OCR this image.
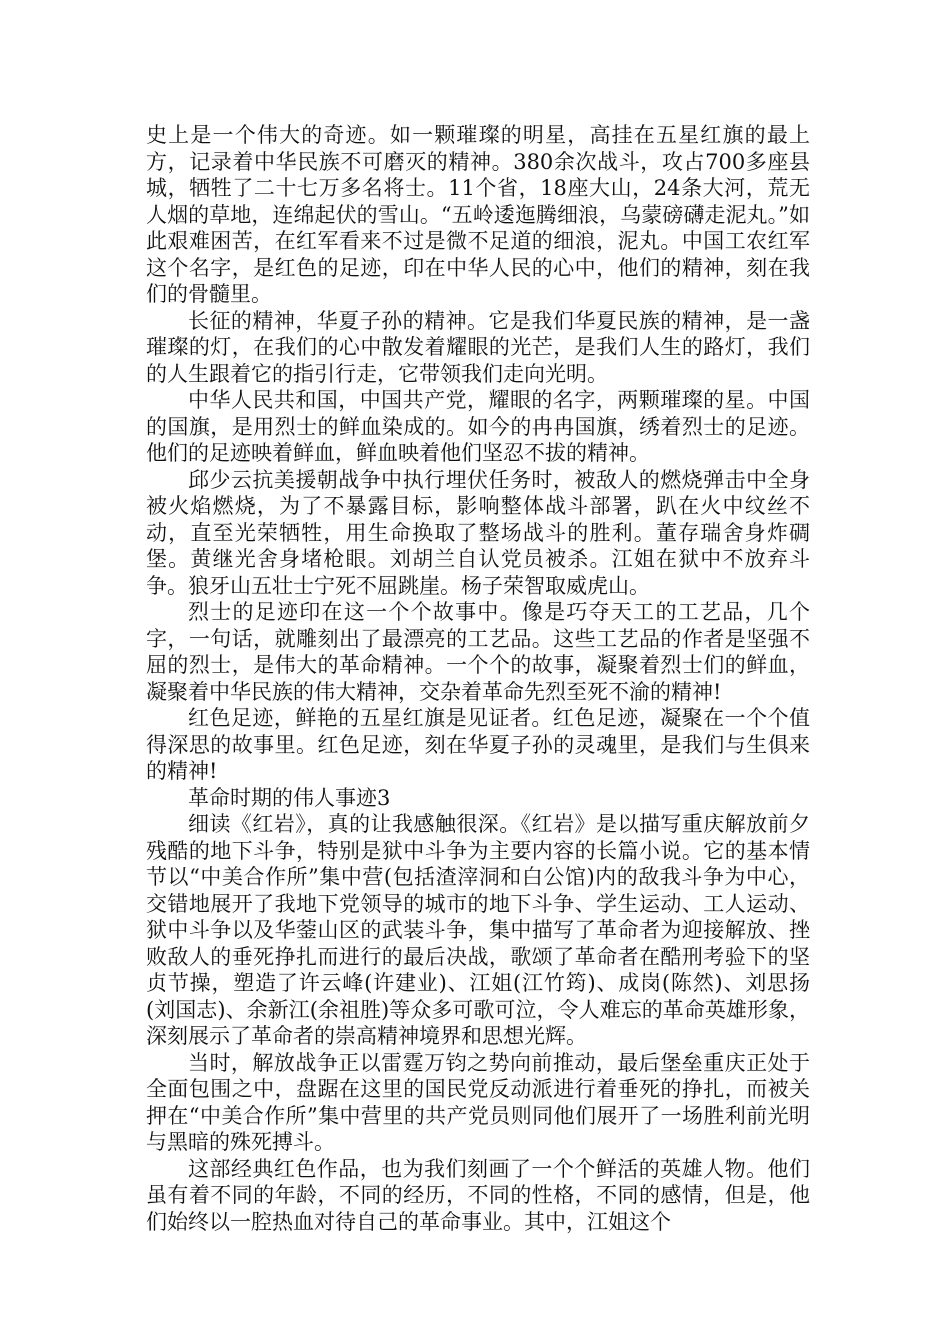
史上是一个伟大的奇迹。如一颗璀璨的明星，高挂在五星红旗的最上方，记录着中华民族不可磨灭的精神。380余次战斗，攻占700多座县城，牺牲了二十七万多名将士。11个省，18座大山，24条大河，荒无人烟的草地，连绵起伏的雪山。“五岭逶迤腾细浪，乌蒙磅礴走泥丸。”如此艰难困苦，在红军看来不过是微不足道的细浪，泥丸。中国工农红军这个名字，是红色的足迹，印在中华人民的心中，他们的精神，刻在我们的骨髓里。

长征的精神，华夏子孙的精神。它是我们华夏民族的精神，是一盏璀璨的灯，在我们的心中散发着耀眼的光芒，是我们人生的路灯，我们的人生跟着它的指引行走，它带领我们走向光明。

中华人民共和国，中国共产党，耀眼的名字，两颗璀璨的星。中国的国旗，是用烈士的鲜血染成的。如今的冉冉国旗，绣着烈士的足迹。他们的足迹映着鲜血，鲜血映着他们坚忍不拔的精神。

邱少云抗美援朝战争中执行埋伏任务时，被敌人的燃烧弹击中全身被火焰燃烧，为了不暴露目标，影响整体战斗部署，趴在火中纹丝不动，直至光荣牺牲，用生命换取了整场战斗的胜利。董存瑞舍身炸碉堡。黄继光舍身堵枪眼。刘胡兰自认党员被杀。江姐在狱中不放弃斗争。狼牙山五壮士宁死不屈跳崖。杨子荣智取威虎山。

烈士的足迹印在这一个个故事中。像是巧夺天工的工艺品，几个字，一句话，就雕刻出了最漂亮的工艺品。这些工艺品的作者是坚强不屈的烈士，是伟大的革命精神。一个个的故事，凝聚着烈士们的鲜血，凝聚着中华民族的伟大精神，交杂着革命先烈至死不渝的精神!

红色足迹，鲜艳的五星红旗是见证者。红色足迹，凝聚在一个个值得深思的故事里。红色足迹，刻在华夏子孙的灵魂里，是我们与生俱来的精神!

革命时期的伟人事迹3

细读《红岩》，真的让我感触很深。《红岩》是以描写重庆解放前夕残酷的地下斗争，特别是狱中斗争为主要内容的长篇小说。它的基本情节以“中美合作所”集中营(包括渣滓洞和白公馆)内的敌我斗争为中心，交错地展开了我地下党领导的城市的地下斗争、学生运动、工人运动、狱中斗争以及华蓥山区的武装斗争，集中描写了革命者为迎接解放、挫败敌人的垂死挣扎而进行的最后决战，歌颂了革命者在酷刑考验下的坚贞节操，塑造了许云峰(许建业)、江姐(江竹筠)、成岗(陈然)、刘思扬(刘国志)、余新江(余祖胜)等众多可歌可泣，令人难忘的革命英雄形象，深刻展示了革命者的崇高精神境界和思想光辉。

当时，解放战争正以雷霆万钧之势向前推动，最后堡垒重庆正处于全面包围之中，盘踞在这里的国民党反动派进行着垂死的挣扎，而被关押在“中美合作所”集中营里的共产党员则同他们展开了一场胜利前光明与黑暗的殊死搏斗。

这部经典红色作品，也为我们刻画了一个个鲜活的英雄人物。他们虽有着不同的年龄，不同的经历，不同的性格，不同的感情，但是，他们始终以一腔热血对待自己的革命事业。其中，江姐这个
